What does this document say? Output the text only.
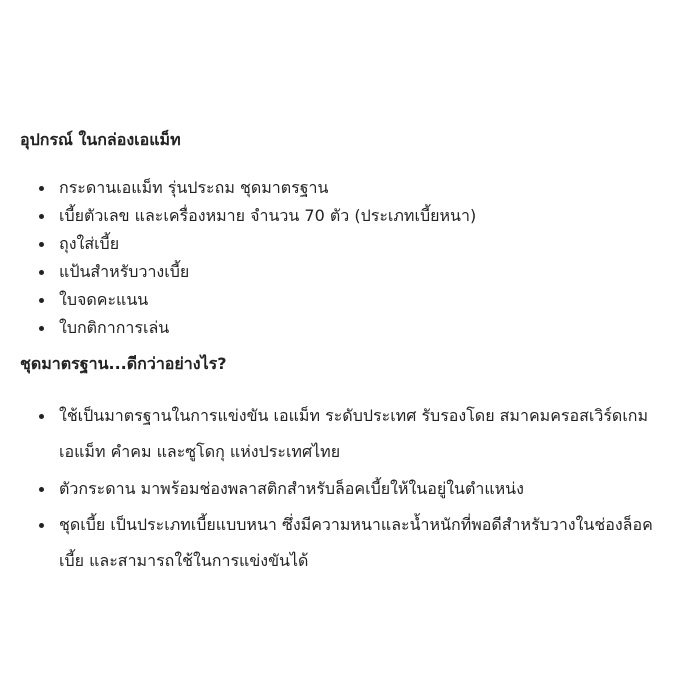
อุปกรณ์ ในกล่องเอแม็ท
กระดานเอแม็ท รุ่นประถม ชุดมาตรฐาน
เบี้ยตัวเลข และเครื่องหมาย จำนวน 70 ตัว (ประเภทเบี้ยหนา)
ถุงใส่เบี้ย
แป้นสำหรับวางเบี้ย
ใบจดคะแนน
ใบกติกาการเล่น
ชุดมาตรฐาน...ดีกว่าอย่างไร?
ใช้เป็นมาตรฐานในการแข่งขัน เอแม็ท ระดับประเทศ รับรองโดย สมาคมครอสเวิร์ดเกม เอแม็ท คำคม และซูโดกุ แห่งประเทศไทย
ตัวกระดาน มาพร้อมช่องพลาสติกสำหรับล็อคเบี้ยให้ในอยู่ในตำแหน่ง
ชุดเบี้ย เป็นประเภทเบี้ยแบบหนา ซึ่งมีความหนาและน้ำหนักที่พอดีสำหรับวางในช่องล็อคเบี้ย และสามารถใช้ในการแข่งขันได้
